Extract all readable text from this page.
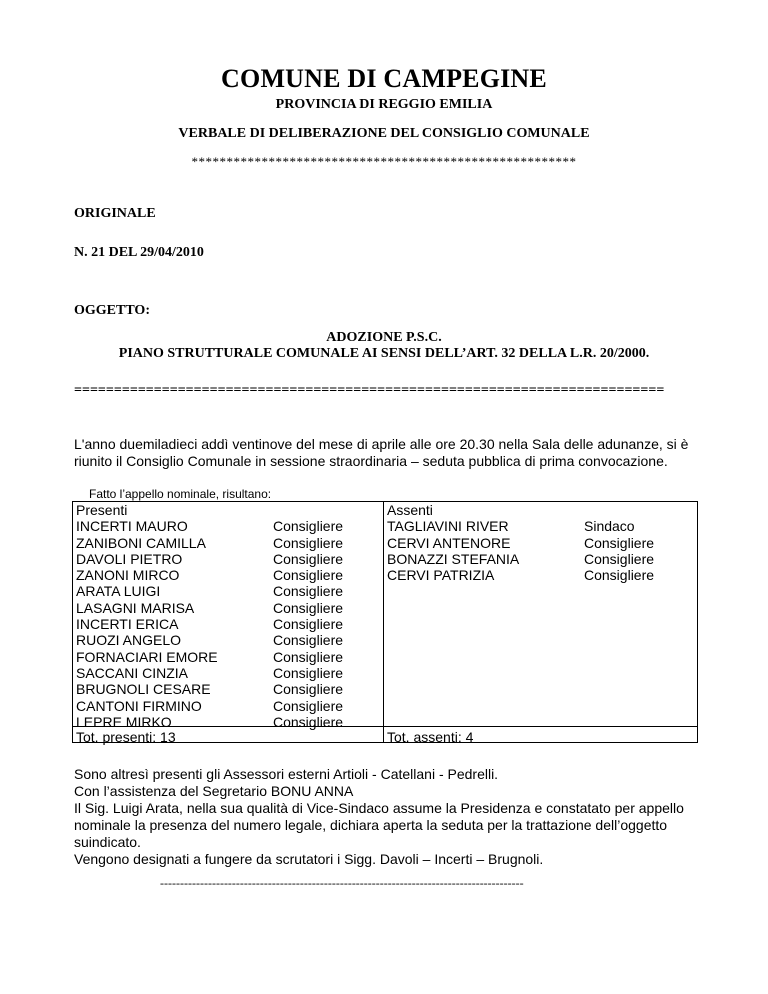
COMUNE DI CAMPEGINE
PROVINCIA DI REGGIO EMILIA
VERBALE DI DELIBERAZIONE DEL CONSIGLIO COMUNALE
*******************************************************
ORIGINALE
N. 21 DEL 29/04/2010
OGGETTO:
ADOZIONE P.S.C.
PIANO STRUTTURALE COMUNALE AI SENSI DELL’ART. 32 DELLA L.R. 20/2000.
==========================================================================
L'anno duemiladieci addì ventinove del mese di aprile alle ore 20.30 nella Sala delle adunanze, si è riunito il Consiglio Comunale in sessione straordinaria – seduta pubblica di prima convocazione.
Fatto l’appello nominale, risultano:
Presenti
INCERTI MAURO
ZANIBONI CAMILLA
DAVOLI PIETRO
ZANONI MIRCO
ARATA LUIGI
LASAGNI MARISA
INCERTI ERICA
RUOZI ANGELO
FORNACIARI EMORE
SACCANI CINZIA
BRUGNOLI CESARE
CANTONI FIRMINO
LEPRE MIRKO
Consigliere
Consigliere
Consigliere
Consigliere
Consigliere
Consigliere
Consigliere
Consigliere
Consigliere
Consigliere
Consigliere
Consigliere
Consigliere
Tot. presenti: 13
Assenti
TAGLIAVINI RIVER
CERVI ANTENORE
BONAZZI STEFANIA
CERVI PATRIZIA
Sindaco
Consigliere
Consigliere
Consigliere
Tot. assenti: 4
Sono altresì presenti gli Assessori esterni Artioli - Catellani - Pedrelli.
Con l’assistenza del Segretario BONU ANNA
Il Sig. Luigi Arata, nella sua qualità di Vice-Sindaco assume la Presidenza e constatato per appello nominale la presenza del numero legale, dichiara aperta la seduta per la trattazione dell’oggetto suindicato.
Vengono designati a fungere da scrutatori i Sigg. Davoli – Incerti – Brugnoli.
-------------------------------------------------------------------------------------------
